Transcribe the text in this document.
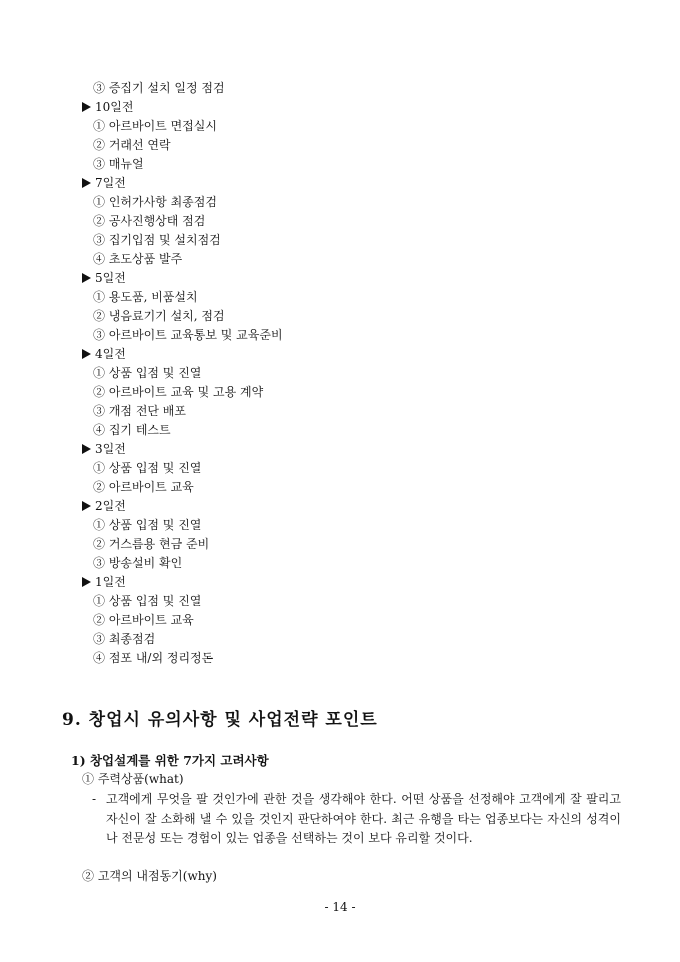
③ 증집기 설치 일정 점검
10일전
① 아르바이트 면접실시
② 거래선 연락
③ 매뉴얼
7일전
① 인허가사항 최종점검
② 공사진행상태 점검
③ 집기입점 및 설치점검
④ 초도상품 발주
5일전
① 용도품, 비품설치
② 냉음료기기 설치, 점검
③ 아르바이트 교육통보 및 교육준비
4일전
① 상품 입점 및 진열
② 아르바이트 교육 및 고용 계약
③ 개점 전단 배포
④ 집기 테스트
3일전
① 상품 입점 및 진열
② 아르바이트 교육
2일전
① 상품 입점 및 진열
② 거스름용 현금 준비
③ 방송설비 확인
1일전
① 상품 입점 및 진열
② 아르바이트 교육
③ 최종점검
④ 점포 내/외 정리정돈
9. 창업시 유의사항 및 사업전략 포인트
1) 창업설계를 위한 7가지 고려사항
① 주력상품(what)
- 고객에게 무엇을 팔 것인가에 관한 것을 생각해야 한다. 어떤 상품을 선정해야 고객에게 잘 팔리고 자신이 잘 소화해 낼 수 있을 것인지 판단하여야 한다. 최근 유행을 타는 업종보다는 자신의 성격이나 전문성 또는 경험이 있는 업종을 선택하는 것이 보다 유리할 것이다.

② 고객의 내점동기(why)
- 14 -
